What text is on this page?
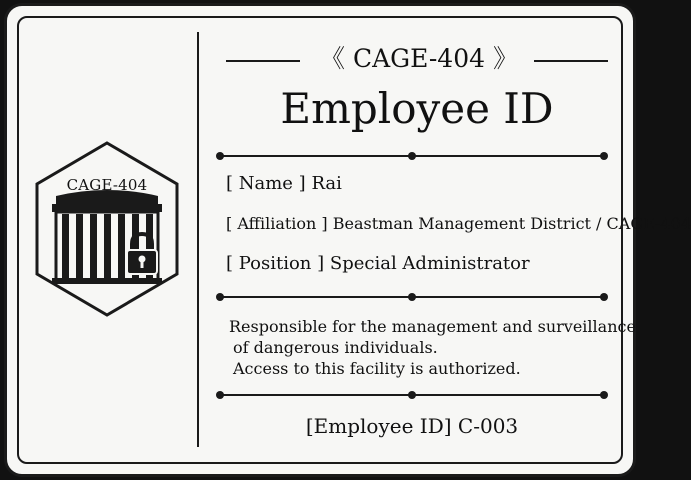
CAGE-404
《 CAGE-404 》
Employee ID
[ Name ] Rai
[ Affiliation ] Beastman Management District / CAGE-404
[ Position ] Special Administrator
Responsible for the management and surveillance
of dangerous individuals.
Access to this facility is authorized.
[ Employee ID ] C-003
